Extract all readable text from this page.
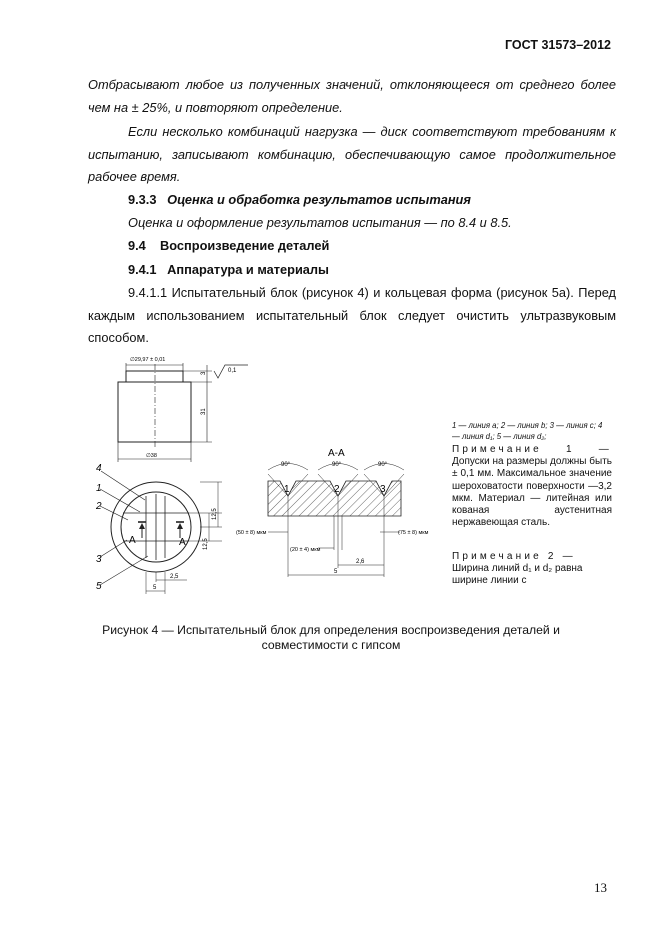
ГОСТ 31573–2012

Отбрасывают любое из полученных значений, отклоняющееся от среднего более чем на ± 25%, и повторяют определение.

Если несколько комбинаций нагрузка — диск соответствуют требованиям к испытанию, записывают комбинацию, обеспечивающую самое продолжительное рабочее время.

9.3.3 Оценка и обработка результатов испытания
Оценка и оформление результатов испытания — по 8.4 и 8.5.
9.4    Воспроизведение деталей
9.4.1   Аппаратура и материалы

9.4.1.1 Испытательный блок (рисунок 4) и кольцевая форма (рисунок 5а). Перед каждым использованием испытательный блок следует очистить ультразвуковым способом.

∅29,97 ± 0,01
0,1
3
31
∅38
4
1
2
3
5
А	А
12,5
12,5
2,5
5
А-А
90°	90°	90°
1	2	3
(50 ± 8) мкм
(20 ± 4) мкм
(75 ± 8) мкм
2,6
5
1 — линия a; 2 — линия b; 3 — линия c; 4 — линия d₁; 5 — линия d₂;
Примечание 1 — Допуски на размеры должны быть ± 0,1 мм. Максимальное значение шероховатости поверхности —3,2 мкм. Материал — литейная или кованая аустенитная нержавеющая сталь.
Примечание 2 —
Ширина линий d₁ и d₂ равна ширине линии c
Рисунок 4 — Испытательный блок для определения воспроизведения деталей и совместимости с гипсом
13
